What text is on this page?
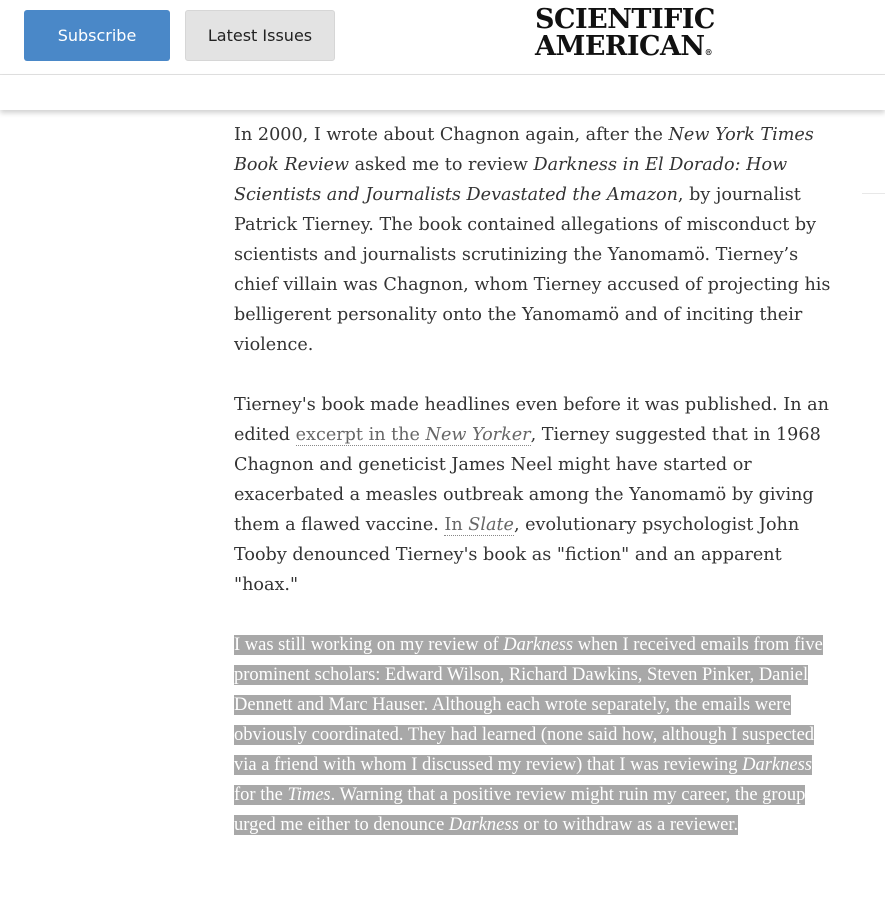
Subscribe	Latest Issues
SCIENTIFIC
AMERICAN®

In 2000, I wrote about Chagnon again, after the New York Times Book Review asked me to review Darkness in El Dorado: How Scientists and Journalists Devastated the Amazon, by journalist Patrick Tierney. The book contained allegations of misconduct by scientists and journalists scrutinizing the Yanomamö. Tierney’s chief villain was Chagnon, whom Tierney accused of projecting his belligerent personality onto the Yanomamö and of inciting their violence.

Tierney's book made headlines even before it was published. In an edited excerpt in the New Yorker, Tierney suggested that in 1968 Chagnon and geneticist James Neel might have started or exacerbated a measles outbreak among the Yanomamö by giving them a flawed vaccine. In Slate, evolutionary psychologist John Tooby denounced Tierney's book as "fiction" and an apparent "hoax."

I was still working on my review of Darkness when I received emails from five prominent scholars: Edward Wilson, Richard Dawkins, Steven Pinker, Daniel Dennett and Marc Hauser. Although each wrote separately, the emails were obviously coordinated. They had learned (none said how, although I suspected via a friend with whom I discussed my review) that I was reviewing Darkness for the Times. Warning that a positive review might ruin my career, the group urged me either to denounce Darkness or to withdraw as a reviewer.
